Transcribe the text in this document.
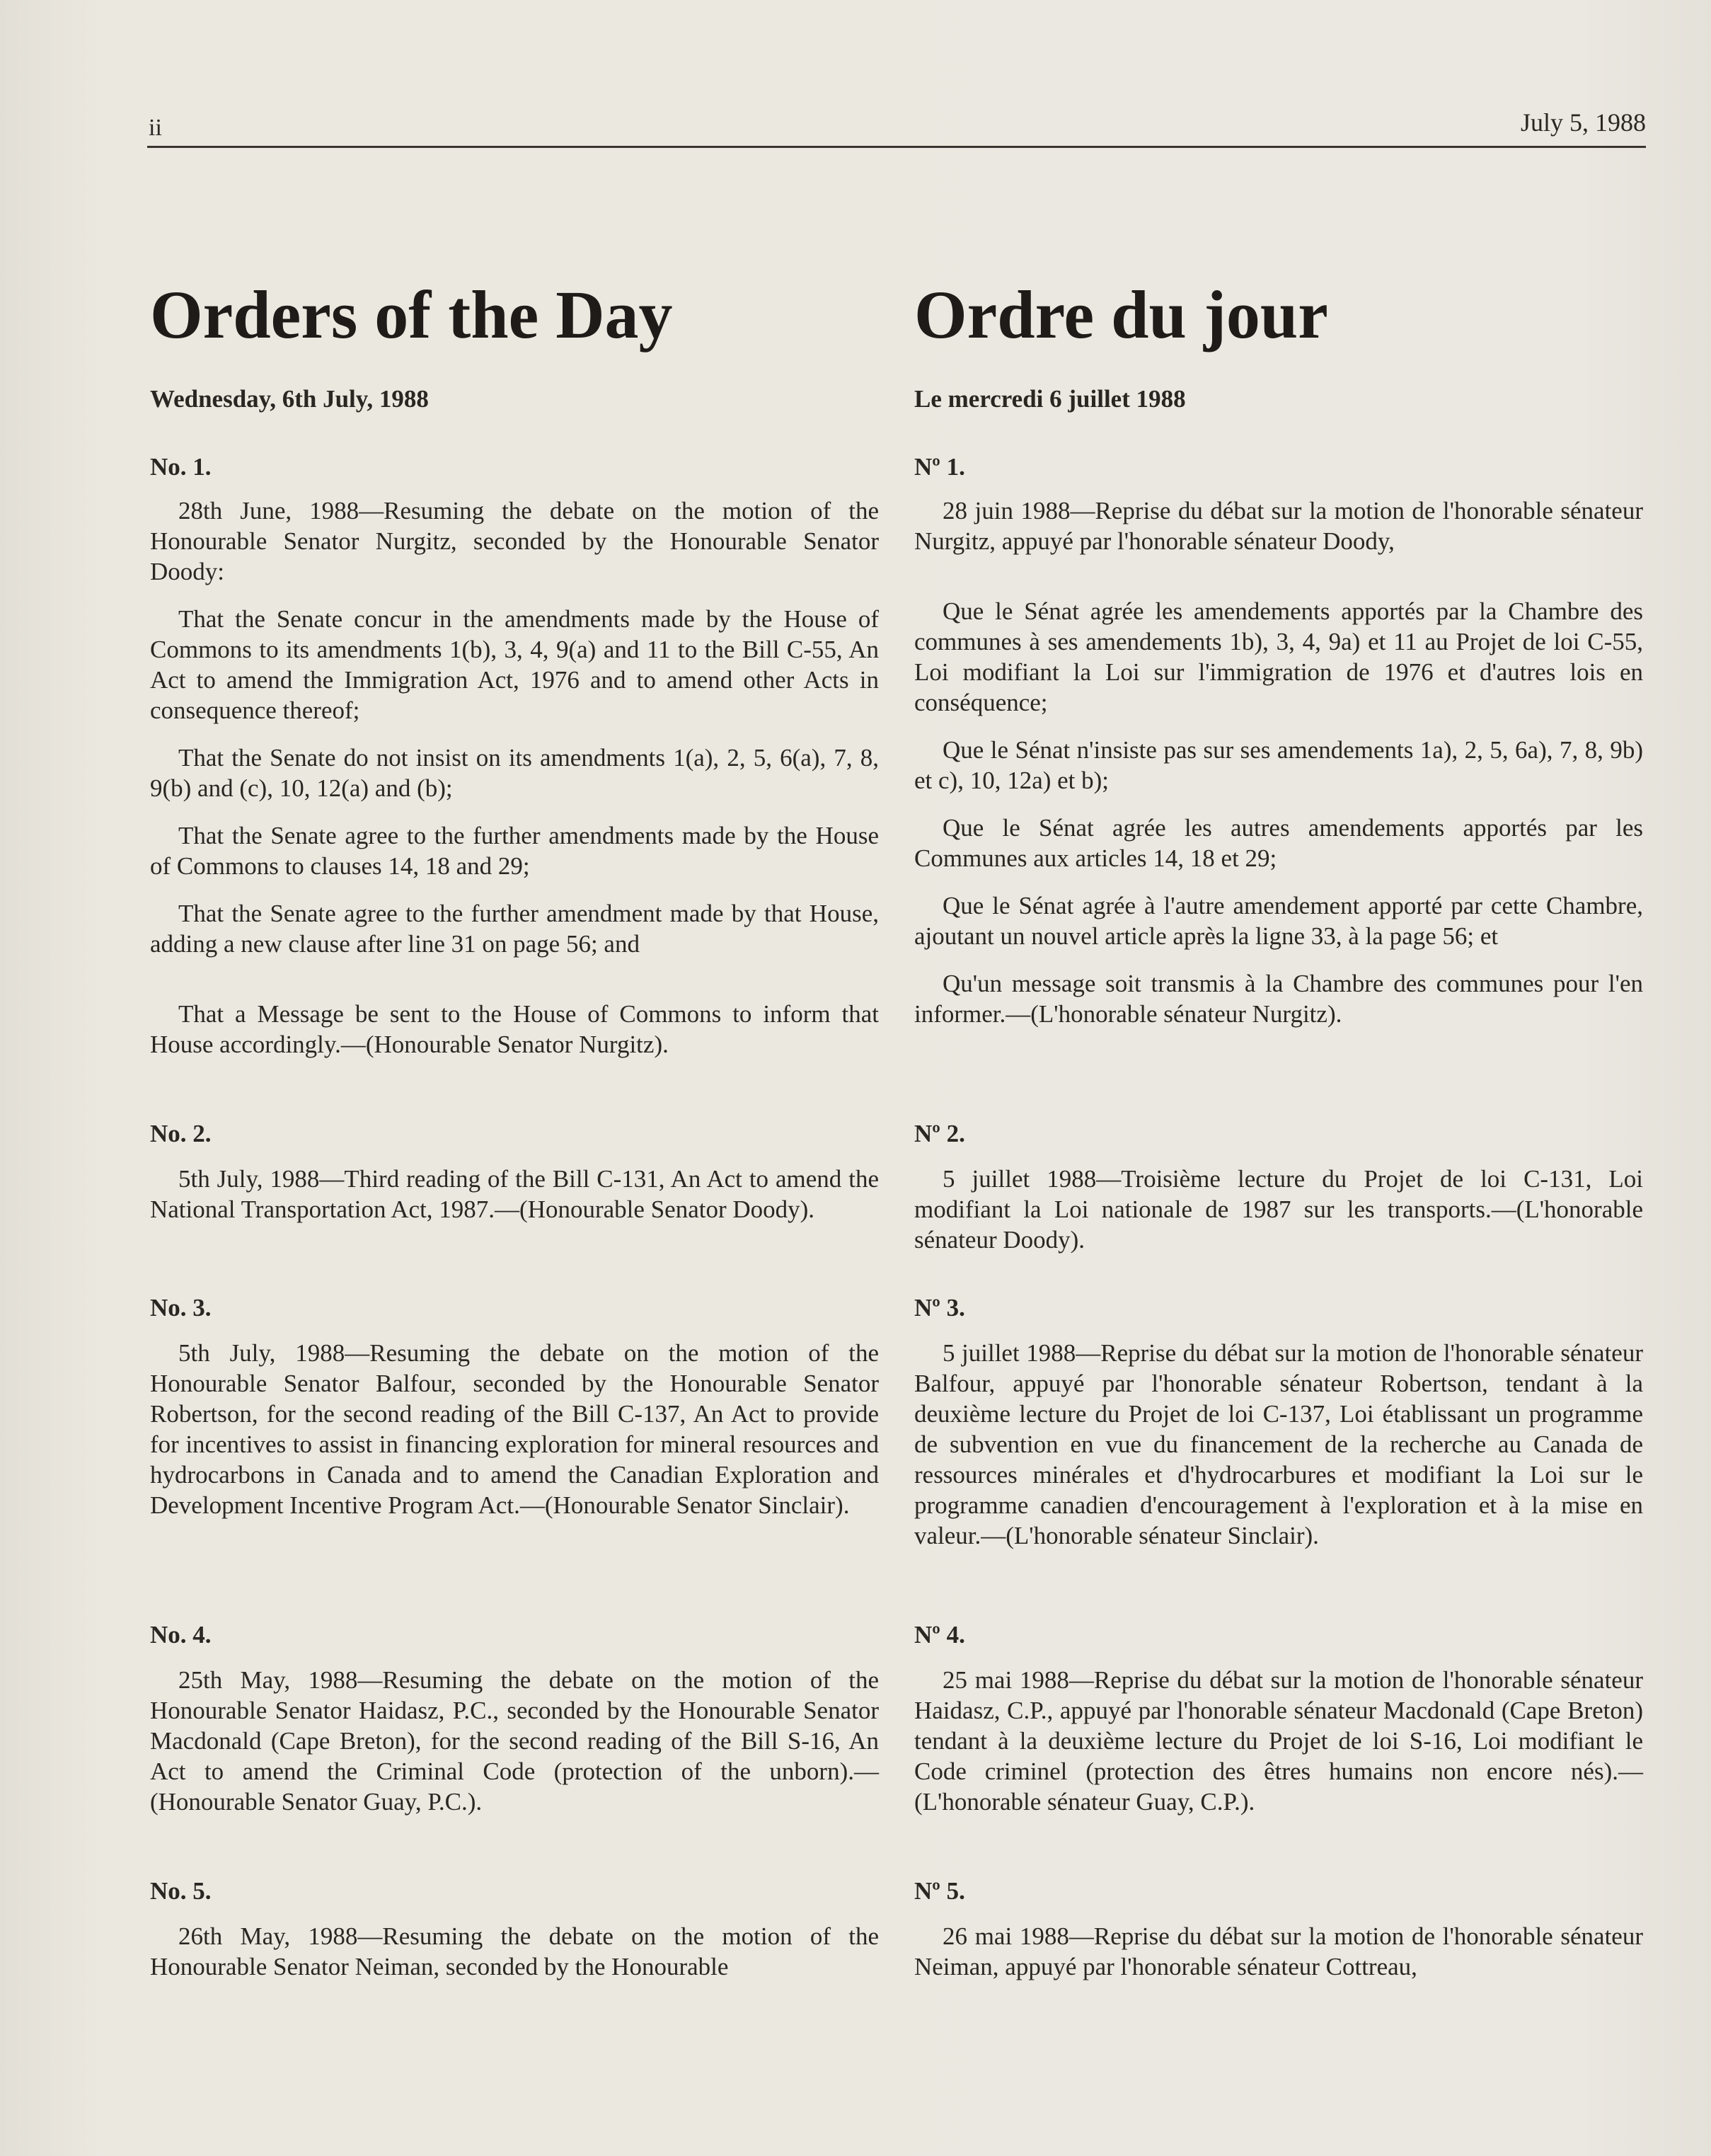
ii	July 5, 1988
Orders of the Day
Wednesday, 6th July, 1988
No. 1.

28th June, 1988—Resuming the debate on the motion of the Honourable Senator Nurgitz, seconded by the Honourable Senator Doody:

That the Senate concur in the amendments made by the House of Commons to its amendments 1(b), 3, 4, 9(a) and 11 to the Bill C-55, An Act to amend the Immigration Act, 1976 and to amend other Acts in consequence thereof;

That the Senate do not insist on its amendments 1(a), 2, 5, 6(a), 7, 8, 9(b) and (c), 10, 12(a) and (b);

That the Senate agree to the further amendments made by the House of Commons to clauses 14, 18 and 29;

That the Senate agree to the further amendment made by that House, adding a new clause after line 31 on page 56; and

That a Message be sent to the House of Commons to inform that House accordingly.—(Honourable Senator Nurgitz).

No. 2.

5th July, 1988—Third reading of the Bill C-131, An Act to amend the National Transportation Act, 1987.—(Honourable Senator Doody).

No. 3.

5th July, 1988—Resuming the debate on the motion of the Honourable Senator Balfour, seconded by the Honourable Senator Robertson, for the second reading of the Bill C-137, An Act to provide for incentives to assist in financing exploration for mineral resources and hydrocarbons in Canada and to amend the Canadian Exploration and Development Incentive Program Act.—(Honourable Senator Sinclair).

No. 4.

25th May, 1988—Resuming the debate on the motion of the Honourable Senator Haidasz, P.C., seconded by the Honourable Senator Macdonald (Cape Breton), for the second reading of the Bill S-16, An Act to amend the Criminal Code (protection of the unborn).—(Honourable Senator Guay, P.C.).

No. 5.

26th May, 1988—Resuming the debate on the motion of the Honourable Senator Neiman, seconded by the Honourable

Ordre du jour
Le mercredi 6 juillet 1988
Nº 1.

28 juin 1988—Reprise du débat sur la motion de l'honorable sénateur Nurgitz, appuyé par l'honorable sénateur Doody,

Que le Sénat agrée les amendements apportés par la Chambre des communes à ses amendements 1b), 3, 4, 9a) et 11 au Projet de loi C-55, Loi modifiant la Loi sur l'immigration de 1976 et d'autres lois en conséquence;

Que le Sénat n'insiste pas sur ses amendements 1a), 2, 5, 6a), 7, 8, 9b) et c), 10, 12a) et b);

Que le Sénat agrée les autres amendements apportés par les Communes aux articles 14, 18 et 29;

Que le Sénat agrée à l'autre amendement apporté par cette Chambre, ajoutant un nouvel article après la ligne 33, à la page 56; et

Qu'un message soit transmis à la Chambre des communes pour l'en informer.—(L'honorable sénateur Nurgitz).

Nº 2.

5 juillet 1988—Troisième lecture du Projet de loi C-131, Loi modifiant la Loi nationale de 1987 sur les transports.—(L'honorable sénateur Doody).

Nº 3.

5 juillet 1988—Reprise du débat sur la motion de l'honorable sénateur Balfour, appuyé par l'honorable sénateur Robertson, tendant à la deuxième lecture du Projet de loi C-137, Loi établissant un programme de subvention en vue du financement de la recherche au Canada de ressources minérales et d'hydrocarbures et modifiant la Loi sur le programme canadien d'encouragement à l'exploration et à la mise en valeur.—(L'honorable sénateur Sinclair).

Nº 4.

25 mai 1988—Reprise du débat sur la motion de l'honorable sénateur Haidasz, C.P., appuyé par l'honorable sénateur Macdonald (Cape Breton) tendant à la deuxième lecture du Projet de loi S-16, Loi modifiant le Code criminel (protection des êtres humains non encore nés).—(L'honorable sénateur Guay, C.P.).

Nº 5.

26 mai 1988—Reprise du débat sur la motion de l'honorable sénateur Neiman, appuyé par l'honorable sénateur Cottreau,
